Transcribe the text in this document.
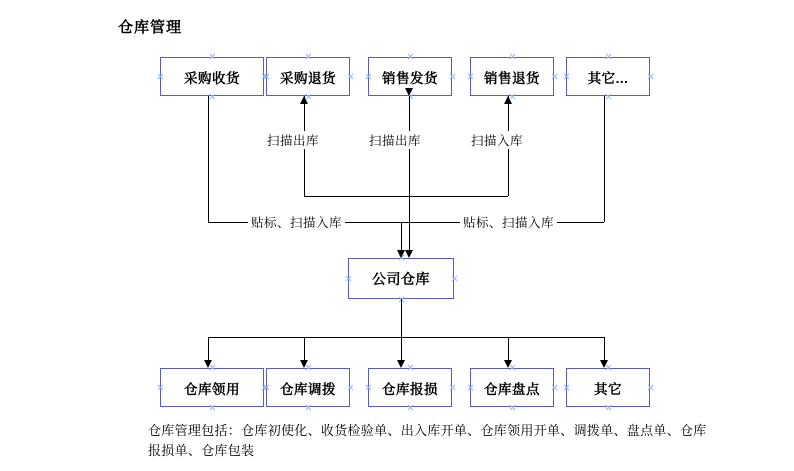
仓库管理
采购收货	采购退货	销售发货	销售退货	其它...
公司仓库
仓库领用	仓库调拨	仓库报损	仓库盘点	其它
扫描出库	扫描出库	扫描入库
贴标、扫描入库	贴标、扫描入库
仓库管理包括：仓库初使化、收货检验单、出入库开单、仓库领用开单、调拨单、盘点单、仓库报损单、仓库包装
